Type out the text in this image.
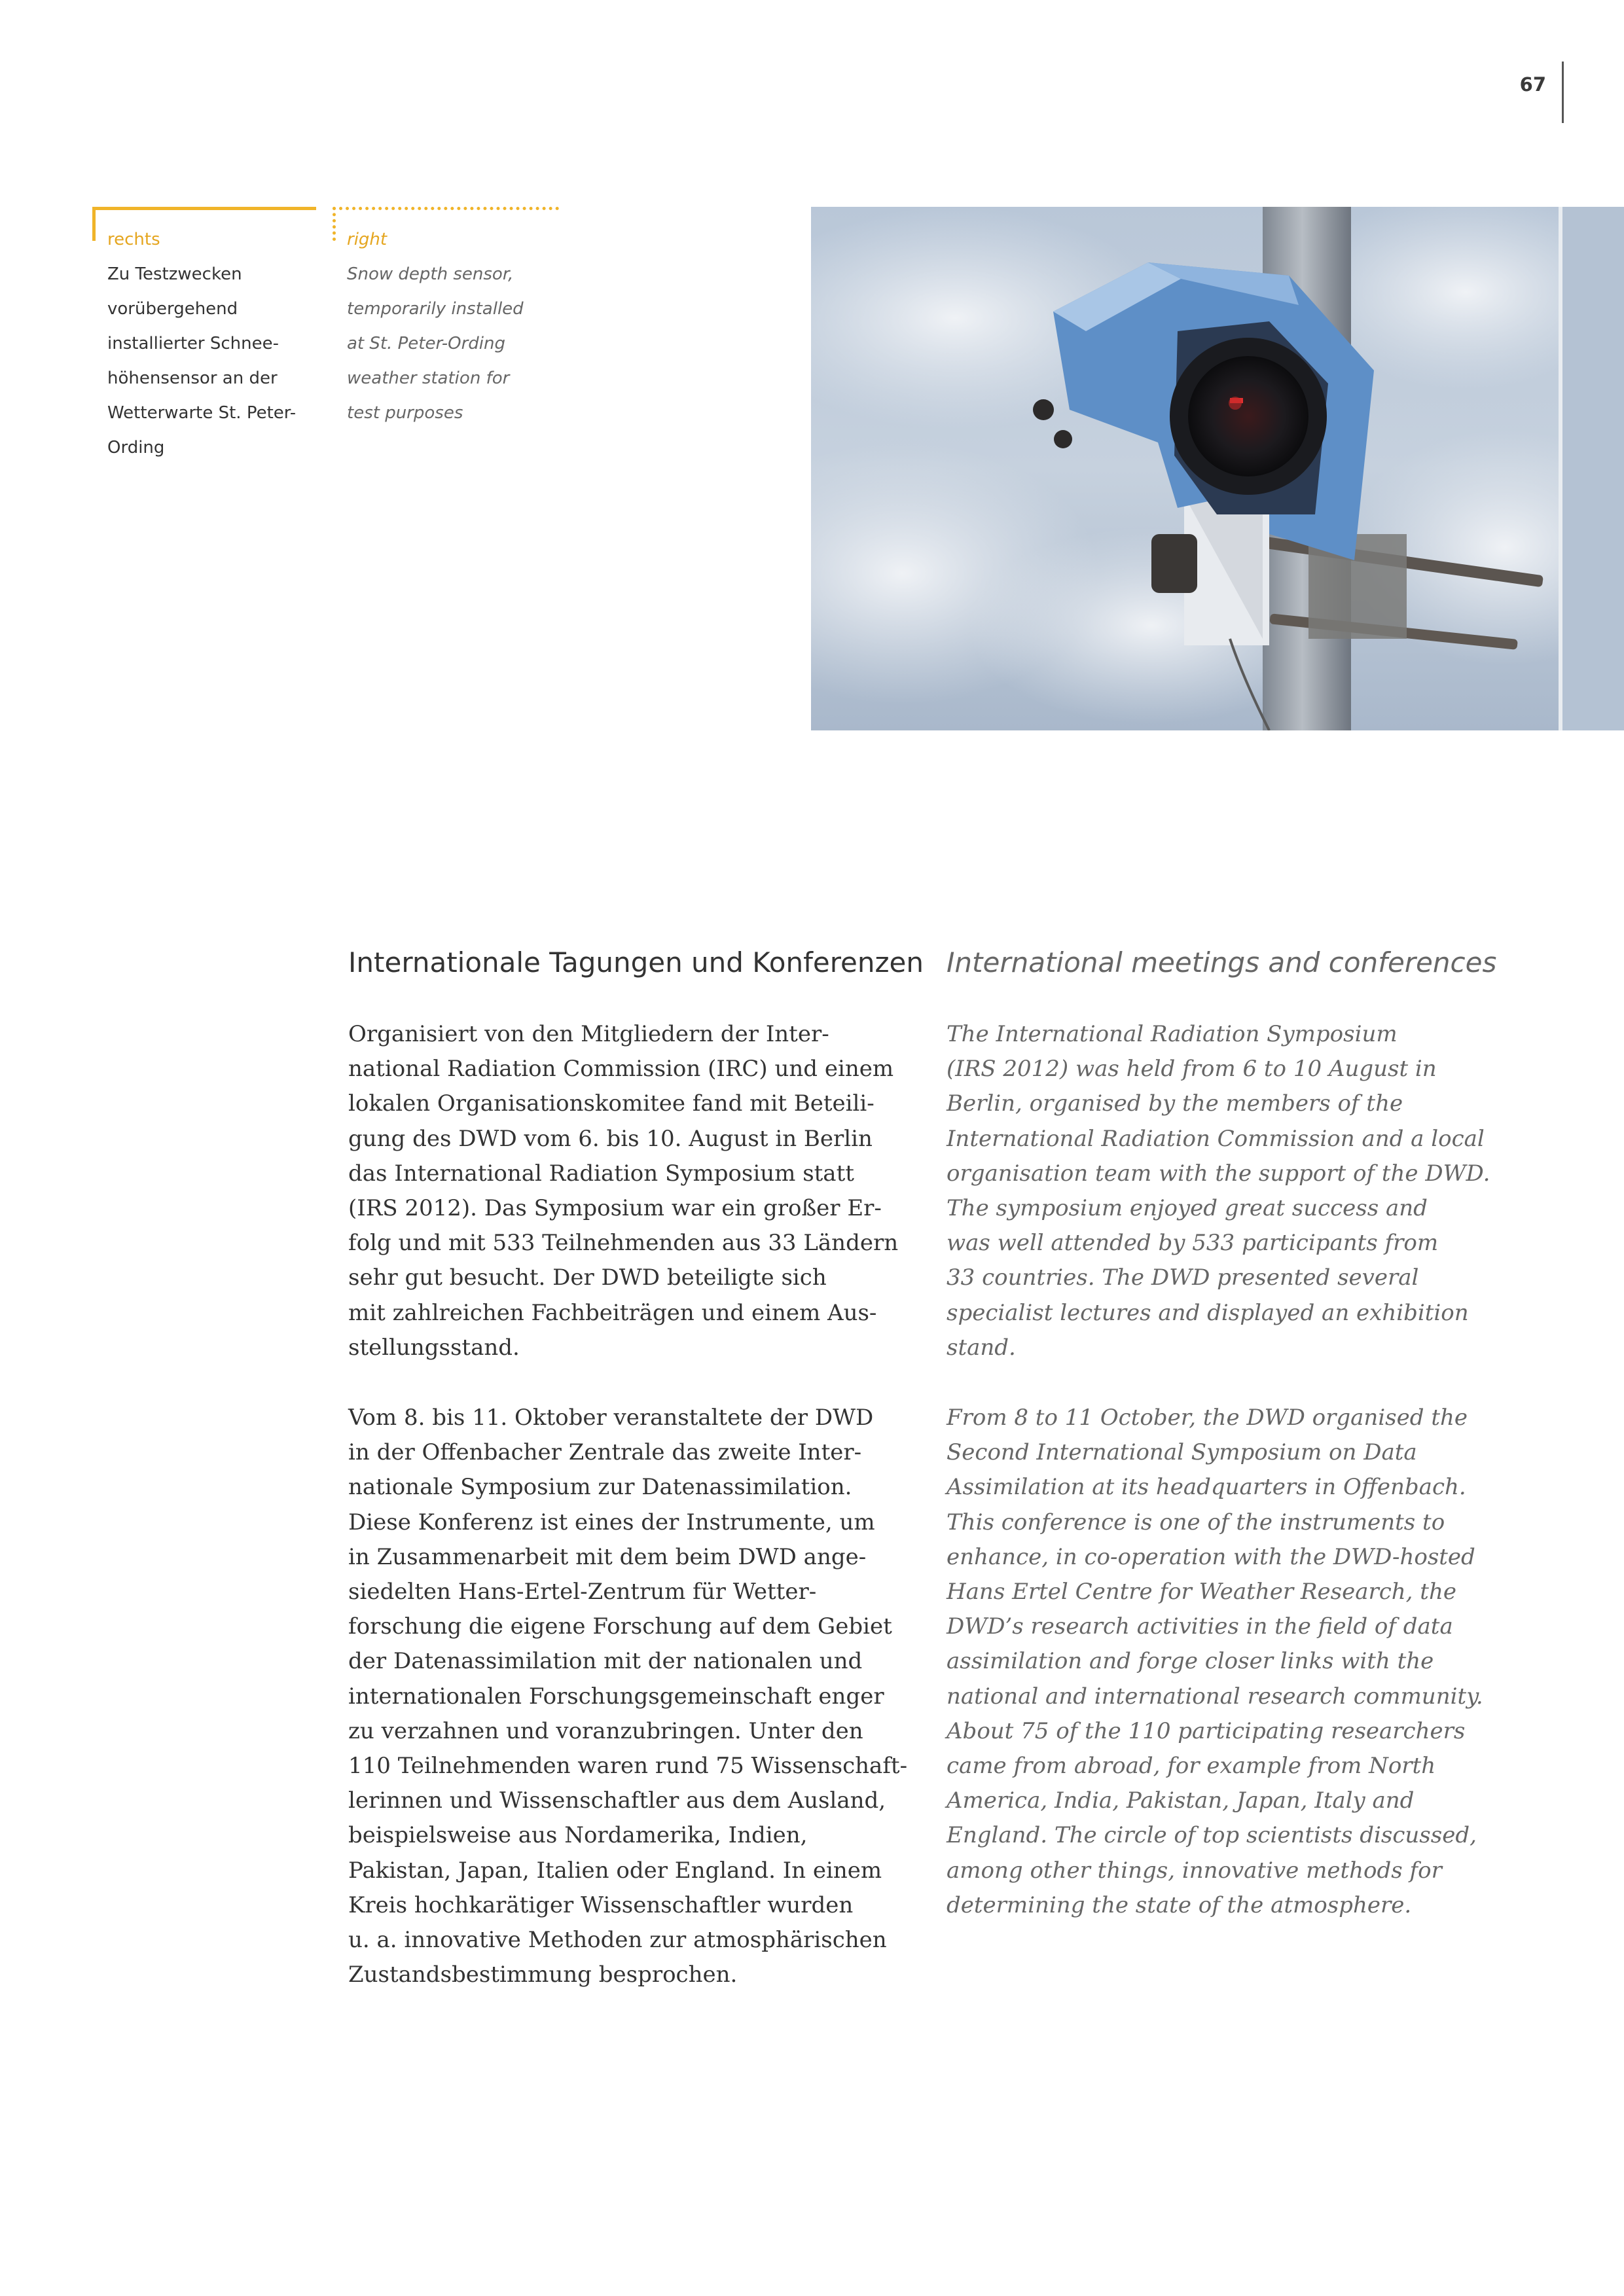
67
rechts
Zu Testzwecken
vorübergehend
installierter Schnee-
höhensensor an der
Wetterwarte St. Peter-
Ording
right
Snow depth sensor,
temporarily installed
at St. Peter-Ording
weather station for
test purposes
Internationale Tagungen und Konferenzen International meetings and conferences
Organisiert von den Mitgliedern der Inter-
national Radiation Commission (IRC) und einem
lokalen Organisationskomitee fand mit Beteili-
gung des DWD vom 6. bis 10. August in Berlin
das International Radiation Symposium statt
(IRS 2012). Das Symposium war ein großer Er-
folg und mit 533 Teilnehmenden aus 33 Ländern
sehr gut besucht. Der DWD beteiligte sich
mit zahlreichen Fachbeiträgen und einem Aus-
stellungsstand.
Vom 8. bis 11. Oktober veranstaltete der DWD
in der Offenbacher Zentrale das zweite Inter-
nationale Symposium zur Datenassimilation.
Diese Konferenz ist eines der Instrumente, um
in Zusammenarbeit mit dem beim DWD ange-
siedelten Hans-Ertel-Zentrum für Wetter-
forschung die eigene Forschung auf dem Gebiet
der Datenassimilation mit der nationalen und
internationalen Forschungsgemeinschaft enger
zu verzahnen und voranzubringen. Unter den
110 Teilnehmenden waren rund 75 Wissenschaft-
lerinnen und Wissenschaftler aus dem Ausland,
beispielsweise aus Nordamerika, Indien,
Pakistan, Japan, Italien oder England. In einem
Kreis hochkarätiger Wissenschaftler wurden
u. a. innovative Methoden zur atmosphärischen
Zustandsbestimmung besprochen.
The International Radiation Symposium
(IRS 2012) was held from 6 to 10 August in
Berlin, organised by the members of the
International Radiation Commission and a local
organisation team with the support of the DWD.
The symposium enjoyed great success and
was well attended by 533 participants from
33 countries. The DWD presented several
specialist lectures and displayed an exhibition
stand.
From 8 to 11 October, the DWD organised the
Second International Symposium on Data
Assimilation at its headquarters in Offenbach.
This conference is one of the instruments to
enhance, in co-operation with the DWD-hosted
Hans Ertel Centre for Weather Research, the
DWD’s research activities in the field of data
assimilation and forge closer links with the
national and international research community.
About 75 of the 110 participating researchers
came from abroad, for example from North
America, India, Pakistan, Japan, Italy and
England. The circle of top scientists discussed,
among other things, innovative methods for
determining the state of the atmosphere.
